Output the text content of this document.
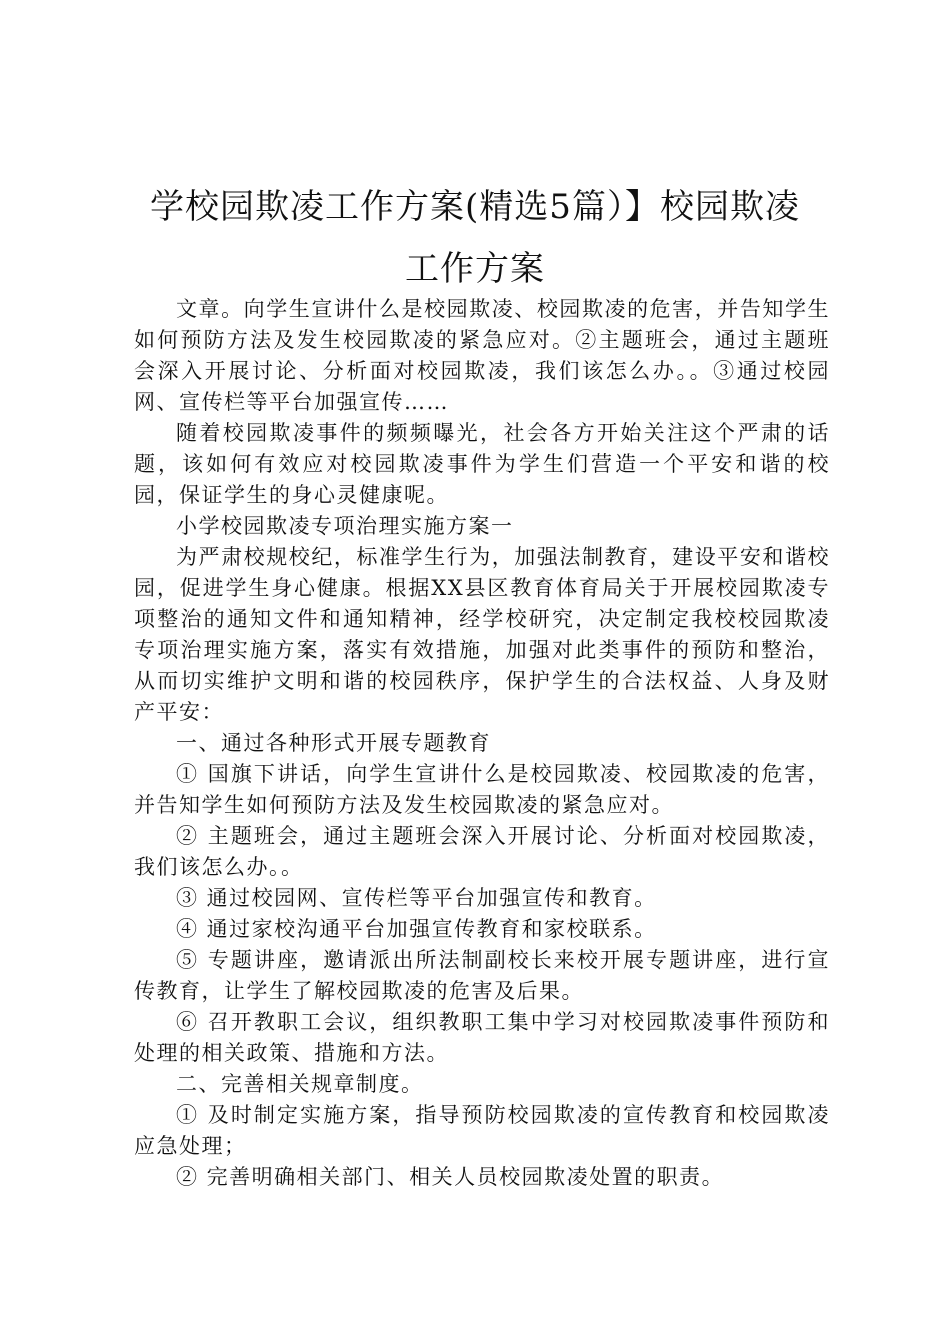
学校园欺凌工作方案(精选5篇）】校园欺凌
工作方案

文章。向学生宣讲什么是校园欺凌、校园欺凌的危害，并告知学生如何预防方法及发生校园欺凌的紧急应对。②主题班会，通过主题班会深入开展讨论、分析面对校园欺凌，我们该怎么办。。③通过校园网、宣传栏等平台加强宣传……

随着校园欺凌事件的频频曝光，社会各方开始关注这个严肃的话题，该如何有效应对校园欺凌事件为学生们营造一个平安和谐的校园，保证学生的身心灵健康呢。

小学校园欺凌专项治理实施方案一

为严肃校规校纪，标准学生行为，加强法制教育，建设平安和谐校园，促进学生身心健康。根据XX县区教育体育局关于开展校园欺凌专项整治的通知文件和通知精神，经学校研究，决定制定我校校园欺凌专项治理实施方案，落实有效措施，加强对此类事件的预防和整治，从而切实维护文明和谐的校园秩序，保护学生的合法权益、人身及财产平安：

一、通过各种形式开展专题教育

① 国旗下讲话，向学生宣讲什么是校园欺凌、校园欺凌的危害，并告知学生如何预防方法及发生校园欺凌的紧急应对。

② 主题班会，通过主题班会深入开展讨论、分析面对校园欺凌，我们该怎么办。。

③ 通过校园网、宣传栏等平台加强宣传和教育。

④ 通过家校沟通平台加强宣传教育和家校联系。

⑤ 专题讲座，邀请派出所法制副校长来校开展专题讲座，进行宣传教育，让学生了解校园欺凌的危害及后果。

⑥ 召开教职工会议，组织教职工集中学习对校园欺凌事件预防和处理的相关政策、措施和方法。

二、完善相关规章制度。

① 及时制定实施方案，指导预防校园欺凌的宣传教育和校园欺凌应急处理；

② 完善明确相关部门、相关人员校园欺凌处置的职责。
